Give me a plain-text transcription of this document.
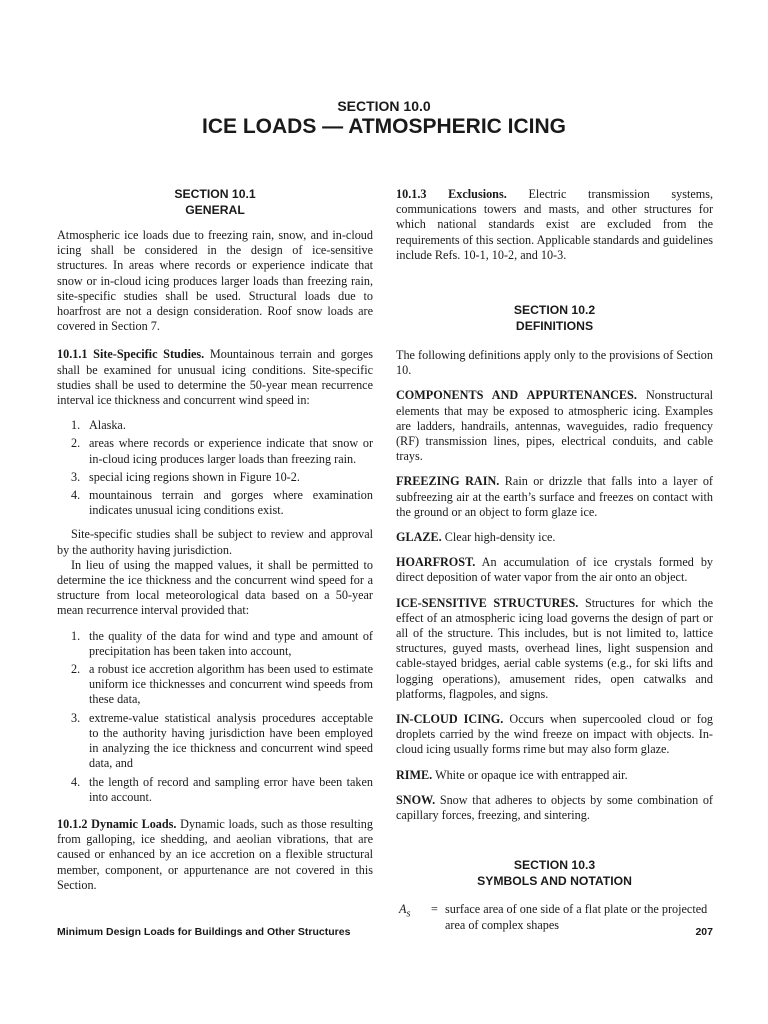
SECTION 10.0
ICE LOADS — ATMOSPHERIC ICING
SECTION 10.1
GENERAL

Atmospheric ice loads due to freezing rain, snow, and in-cloud icing shall be considered in the design of ice-sensitive structures. In areas where records or experience indicate that snow or in-cloud icing produces larger loads than freezing rain, site-specific studies shall be used. Structural loads due to hoarfrost are not a design consideration. Roof snow loads are covered in Section 7.

10.1.1 Site-Specific Studies. Mountainous terrain and gorges shall be examined for unusual icing conditions. Site-specific studies shall be used to determine the 50-year mean recurrence interval ice thickness and concurrent wind speed in:

1. Alaska.
2. areas where records or experience indicate that snow or in-cloud icing produces larger loads than freezing rain.
3. special icing regions shown in Figure 10-2.
4. mountainous terrain and gorges where examination indicates unusual icing conditions exist.

Site-specific studies shall be subject to review and approval by the authority having jurisdiction.

In lieu of using the mapped values, it shall be permitted to determine the ice thickness and the concurrent wind speed for a structure from local meteorological data based on a 50-year mean recurrence interval provided that:

1. the quality of the data for wind and type and amount of precipitation has been taken into account,
2. a robust ice accretion algorithm has been used to estimate uniform ice thicknesses and concurrent wind speeds from these data,
3. extreme-value statistical analysis procedures acceptable to the authority having jurisdiction have been employed in analyzing the ice thickness and concurrent wind speed data, and
4. the length of record and sampling error have been taken into account.

10.1.2 Dynamic Loads. Dynamic loads, such as those resulting from galloping, ice shedding, and aeolian vibrations, that are caused or enhanced by an ice accretion on a flexible structural member, component, or appurtenance are not covered in this Section.

10.1.3 Exclusions. Electric transmission systems, communications towers and masts, and other structures for which national standards exist are excluded from the requirements of this section. Applicable standards and guidelines include Refs. 10-1, 10-2, and 10-3.

SECTION 10.2
DEFINITIONS

The following definitions apply only to the provisions of Section 10.

COMPONENTS AND APPURTENANCES. Nonstructural elements that may be exposed to atmospheric icing. Examples are ladders, handrails, antennas, waveguides, radio frequency (RF) transmission lines, pipes, electrical conduits, and cable trays.

FREEZING RAIN. Rain or drizzle that falls into a layer of subfreezing air at the earth’s surface and freezes on contact with the ground or an object to form glaze ice.

GLAZE. Clear high-density ice.

HOARFROST. An accumulation of ice crystals formed by direct deposition of water vapor from the air onto an object.

ICE-SENSITIVE STRUCTURES. Structures for which the effect of an atmospheric icing load governs the design of part or all of the structure. This includes, but is not limited to, lattice structures, guyed masts, overhead lines, light suspension and cable-stayed bridges, aerial cable systems (e.g., for ski lifts and logging operations), amusement rides, open catwalks and platforms, flagpoles, and signs.

IN-CLOUD ICING. Occurs when supercooled cloud or fog droplets carried by the wind freeze on impact with objects. In-cloud icing usually forms rime but may also form glaze.

RIME. White or opaque ice with entrapped air.

SNOW. Snow that adheres to objects by some combination of capillary forces, freezing, and sintering.

SECTION 10.3
SYMBOLS AND NOTATION
$A_s$	= surface area of one side of a flat plate or the projected area of complex shapes
Minimum Design Loads for Buildings and Other Structures	207
